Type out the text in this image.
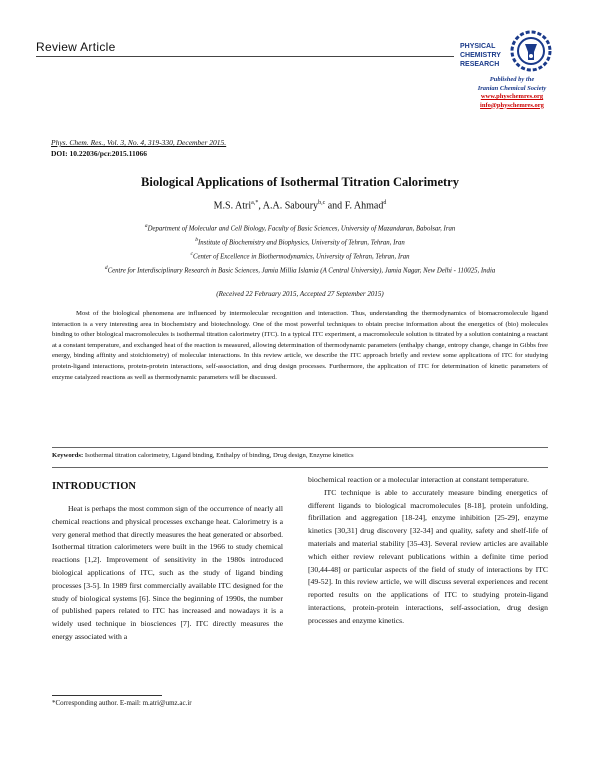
Review Article	PHYSICAL
CHEMISTRY
RESEARCH
Published by the
Iranian Chemical Society
www.physchemres.org
info@physchemres.org
Phys. Chem. Res., Vol. 3, No. 4, 319-330, December 2015.
DOI: 10.22036/pcr.2015.11066
Biological Applications of Isothermal Titration Calorimetry
M.S. Atri$^{a,*}$, A.A. Saboury$^{b,c}$ and F. Ahmad$^d$
$^a$Department of Molecular and Cell Biology, Faculty of Basic Sciences, University of Mazandaran, Babolsar, Iran
$^b$Institute of Biochemistry and Biophysics, University of Tehran, Tehran, Iran
$^c$Center of Excellence in Biothermodynamics, University of Tehran, Tehran, Iran
$^d$Centre for Interdisciplinary Research in Basic Sciences, Jamia Millia Islamia (A Central University), Jamia Nagar, New Delhi - 110025, India
(Received 22 February 2015, Accepted 27 September 2015)
Most of the biological phenomena are influenced by intermolecular recognition and interaction. Thus, understanding the thermodynamics of biomacromolecule ligand interaction is a very interesting area in biochemistry and biotechnology. One of the most powerful techniques to obtain precise information about the energetics of (bio) molecules binding to other biological macromolecules is isothermal titration calorimetry (ITC). In a typical ITC experiment, a macromolecule solution is titrated by a solution containing a reactant at a constant temperature, and exchanged heat of the reaction is measured, allowing determination of thermodynamic parameters (enthalpy change, entropy change, change in Gibbs free energy, binding affinity and stoichiometry) of molecular interactions. In this review article, we describe the ITC approach briefly and review some applications of ITC for studying protein-ligand interactions, protein-protein interactions, self-association, and drug design processes. Furthermore, the application of ITC for determination of kinetic parameters of enzyme catalyzed reactions as well as thermodynamic parameters will be discussed.
Keywords: Isothermal titration calorimetry, Ligand binding, Enthalpy of binding, Drug design, Enzyme kinetics
INTRODUCTION

Heat is perhaps the most common sign of the occurrence of nearly all chemical reactions and physical processes exchange heat. Calorimetry is a very general method that directly measures the heat generated or absorbed. Isothermal titration calorimeters were built in the 1966 to study chemical reactions [1,2]. Improvement of sensitivity in the 1980s introduced biological applications of ITC, such as the study of ligand binding processes [3-5]. In 1989 first commercially available ITC designed for the study of biological systems [6]. Since the beginning of 1990s, the number of published papers related to ITC has increased and nowadays it is a widely used technique in biosciences [7]. ITC directly measures the energy associated with a

biochemical reaction or a molecular interaction at constant temperature.

ITC technique is able to accurately measure binding energetics of different ligands to biological macromolecules [8-18], protein unfolding, fibrillation and aggregation [18-24], enzyme inhibition [25-29], enzyme kinetics [30,31] drug discovery [32-34] and quality, safety and shelf-life of materials and material stability [35-43]. Several review articles are available which either review relevant publications within a definite time period [30,44-48] or particular aspects of the field of study of interactions by ITC [49-52]. In this review article, we will discuss several experiences and recent reported results on the applications of ITC to studying protein-ligand interactions, protein-protein interactions, self-association, drug design processes and enzyme kinetics.

*Corresponding author. E-mail: m.atri@umz.ac.ir
